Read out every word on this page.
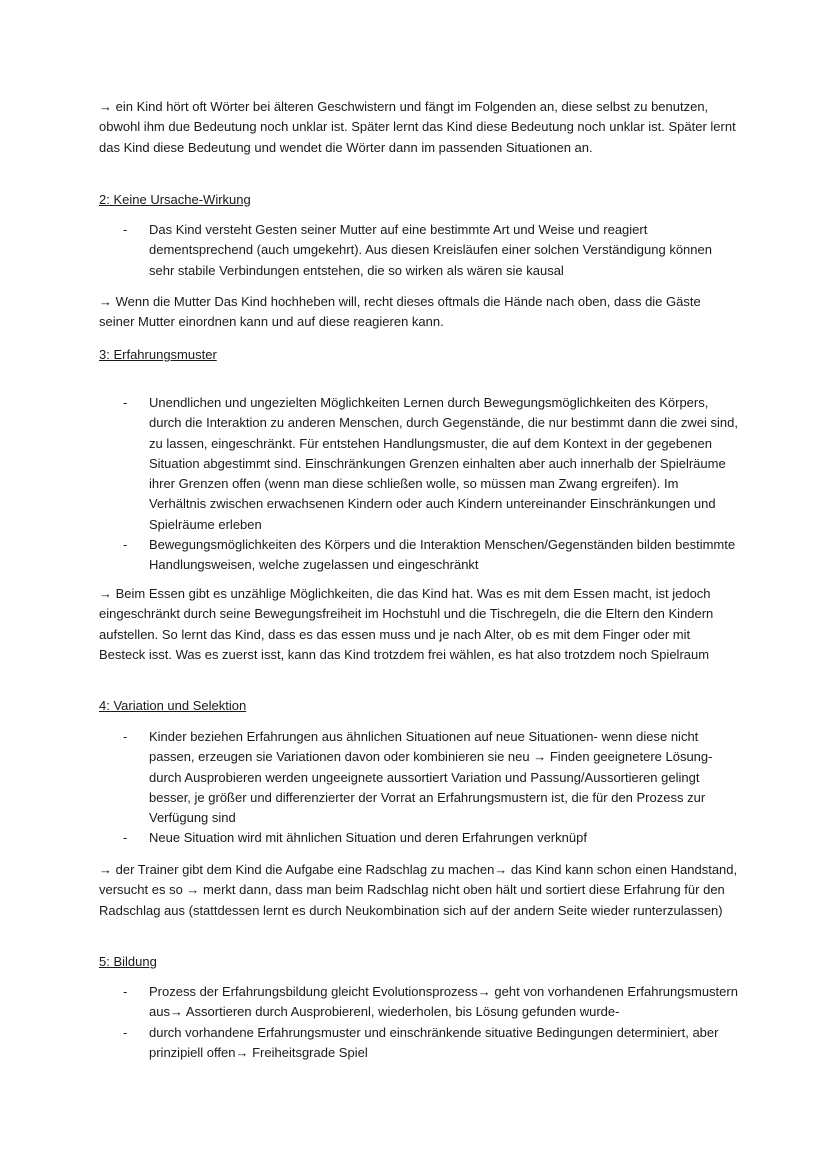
→ ein Kind hört oft Wörter bei älteren Geschwistern und fängt im Folgenden an, diese selbst zu benutzen, obwohl ihm due Bedeutung noch unklar ist. Später lernt das Kind diese Bedeutung noch unklar ist. Später lernt das Kind diese Bedeutung und wendet die Wörter dann im passenden Situationen an.

2: Keine Ursache-Wirkung

- Das Kind versteht Gesten seiner Mutter auf eine bestimmte Art und Weise und reagiert dementsprechend (auch umgekehrt). Aus diesen Kreisläufen einer solchen Verständigung können sehr stabile Verbindungen entstehen, die so wirken als wären sie kausal

→ Wenn die Mutter Das Kind hochheben will, recht dieses oftmals die Hände nach oben, dass die Gäste seiner Mutter einordnen kann und auf diese reagieren kann.

3: Erfahrungsmuster

- Unendlichen und ungezielten Möglichkeiten Lernen durch Bewegungsmöglichkeiten des Körpers, durch die Interaktion zu anderen Menschen, durch Gegenstände, die nur bestimmt dann die zwei sind, zu lassen, eingeschränkt. Für entstehen Handlungsmuster, die auf dem Kontext in der gegebenen Situation abgestimmt sind. Einschränkungen Grenzen einhalten aber auch innerhalb der Spielräume ihrer Grenzen offen (wenn man diese schließen wolle, so müssen man Zwang ergreifen). Im Verhältnis zwischen erwachsenen Kindern oder auch Kindern untereinander Einschränkungen und Spielräume erleben
- Bewegungsmöglichkeiten des Körpers und die Interaktion Menschen/Gegenständen bilden bestimmte Handlungsweisen, welche zugelassen und eingeschränkt

→ Beim Essen gibt es unzählige Möglichkeiten, die das Kind hat. Was es mit dem Essen macht, ist jedoch eingeschränkt durch seine Bewegungsfreiheit im Hochstuhl und die Tischregeln, die die Eltern den Kindern aufstellen. So lernt das Kind, dass es das essen muss und je nach Alter, ob es mit dem Finger oder mit Besteck isst. Was es zuerst isst, kann das Kind trotzdem frei wählen, es hat also trotzdem noch Spielraum

4: Variation und Selektion

- Kinder beziehen Erfahrungen aus ähnlichen Situationen auf neue Situationen- wenn diese nicht passen, erzeugen sie Variationen davon oder kombinieren sie neu → Finden geeignetere Lösung- durch Ausprobieren werden ungeeignete aussortiert Variation und Passung/Aussortieren gelingt besser, je größer und differenzierter der Vorrat an Erfahrungsmustern ist, die für den Prozess zur Verfügung sind
- Neue Situation wird mit ähnlichen Situation und deren Erfahrungen verknüpf

→ der Trainer gibt dem Kind die Aufgabe eine Radschlag zu machen→ das Kind kann schon einen Handstand, versucht es so → merkt dann, dass man beim Radschlag nicht oben hält und sortiert diese Erfahrung für den Radschlag aus (stattdessen lernt es durch Neukombination sich auf der andern Seite wieder runterzulassen)

5: Bildung

- Prozess der Erfahrungsbildung gleicht Evolutionsprozess→ geht von vorhandenen Erfahrungsmustern aus→ Assortieren durch Ausprobierenl, wiederholen, bis Lösung gefunden wurde-
- durch vorhandene Erfahrungsmuster und einschränkende situative Bedingungen determiniert, aber prinzipiell offen→ Freiheitsgrade Spiel
